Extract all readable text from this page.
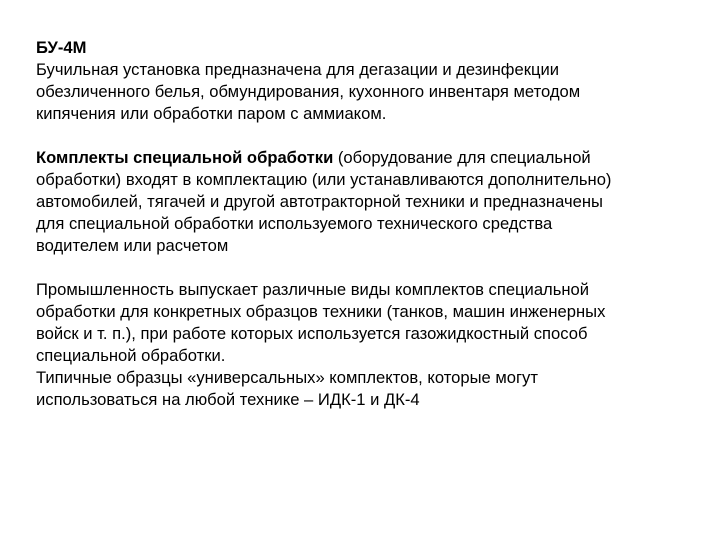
БУ-4М
Бучильная установка предназначена для дегазации и дезинфекции
обезличенного белья, обмундирования, кухонного инвентаря методом
кипячения или обработки паром с аммиаком.
Комплекты специальной обработки (оборудование для специальной
обработки) входят в комплектацию (или устанавливаются дополнительно)
автомобилей, тягачей и другой автотракторной техники и предназначены
для специальной обработки используемого технического средства
водителем или расчетом
Промышленность выпускает различные виды комплектов специальной
обработки для конкретных образцов техники (танков, машин инженерных
войск и т. п.), при работе которых используется газожидкостный способ
специальной обработки.
Типичные образцы «универсальных» комплектов, которые могут
использоваться на любой технике – ИДК-1 и ДК-4
